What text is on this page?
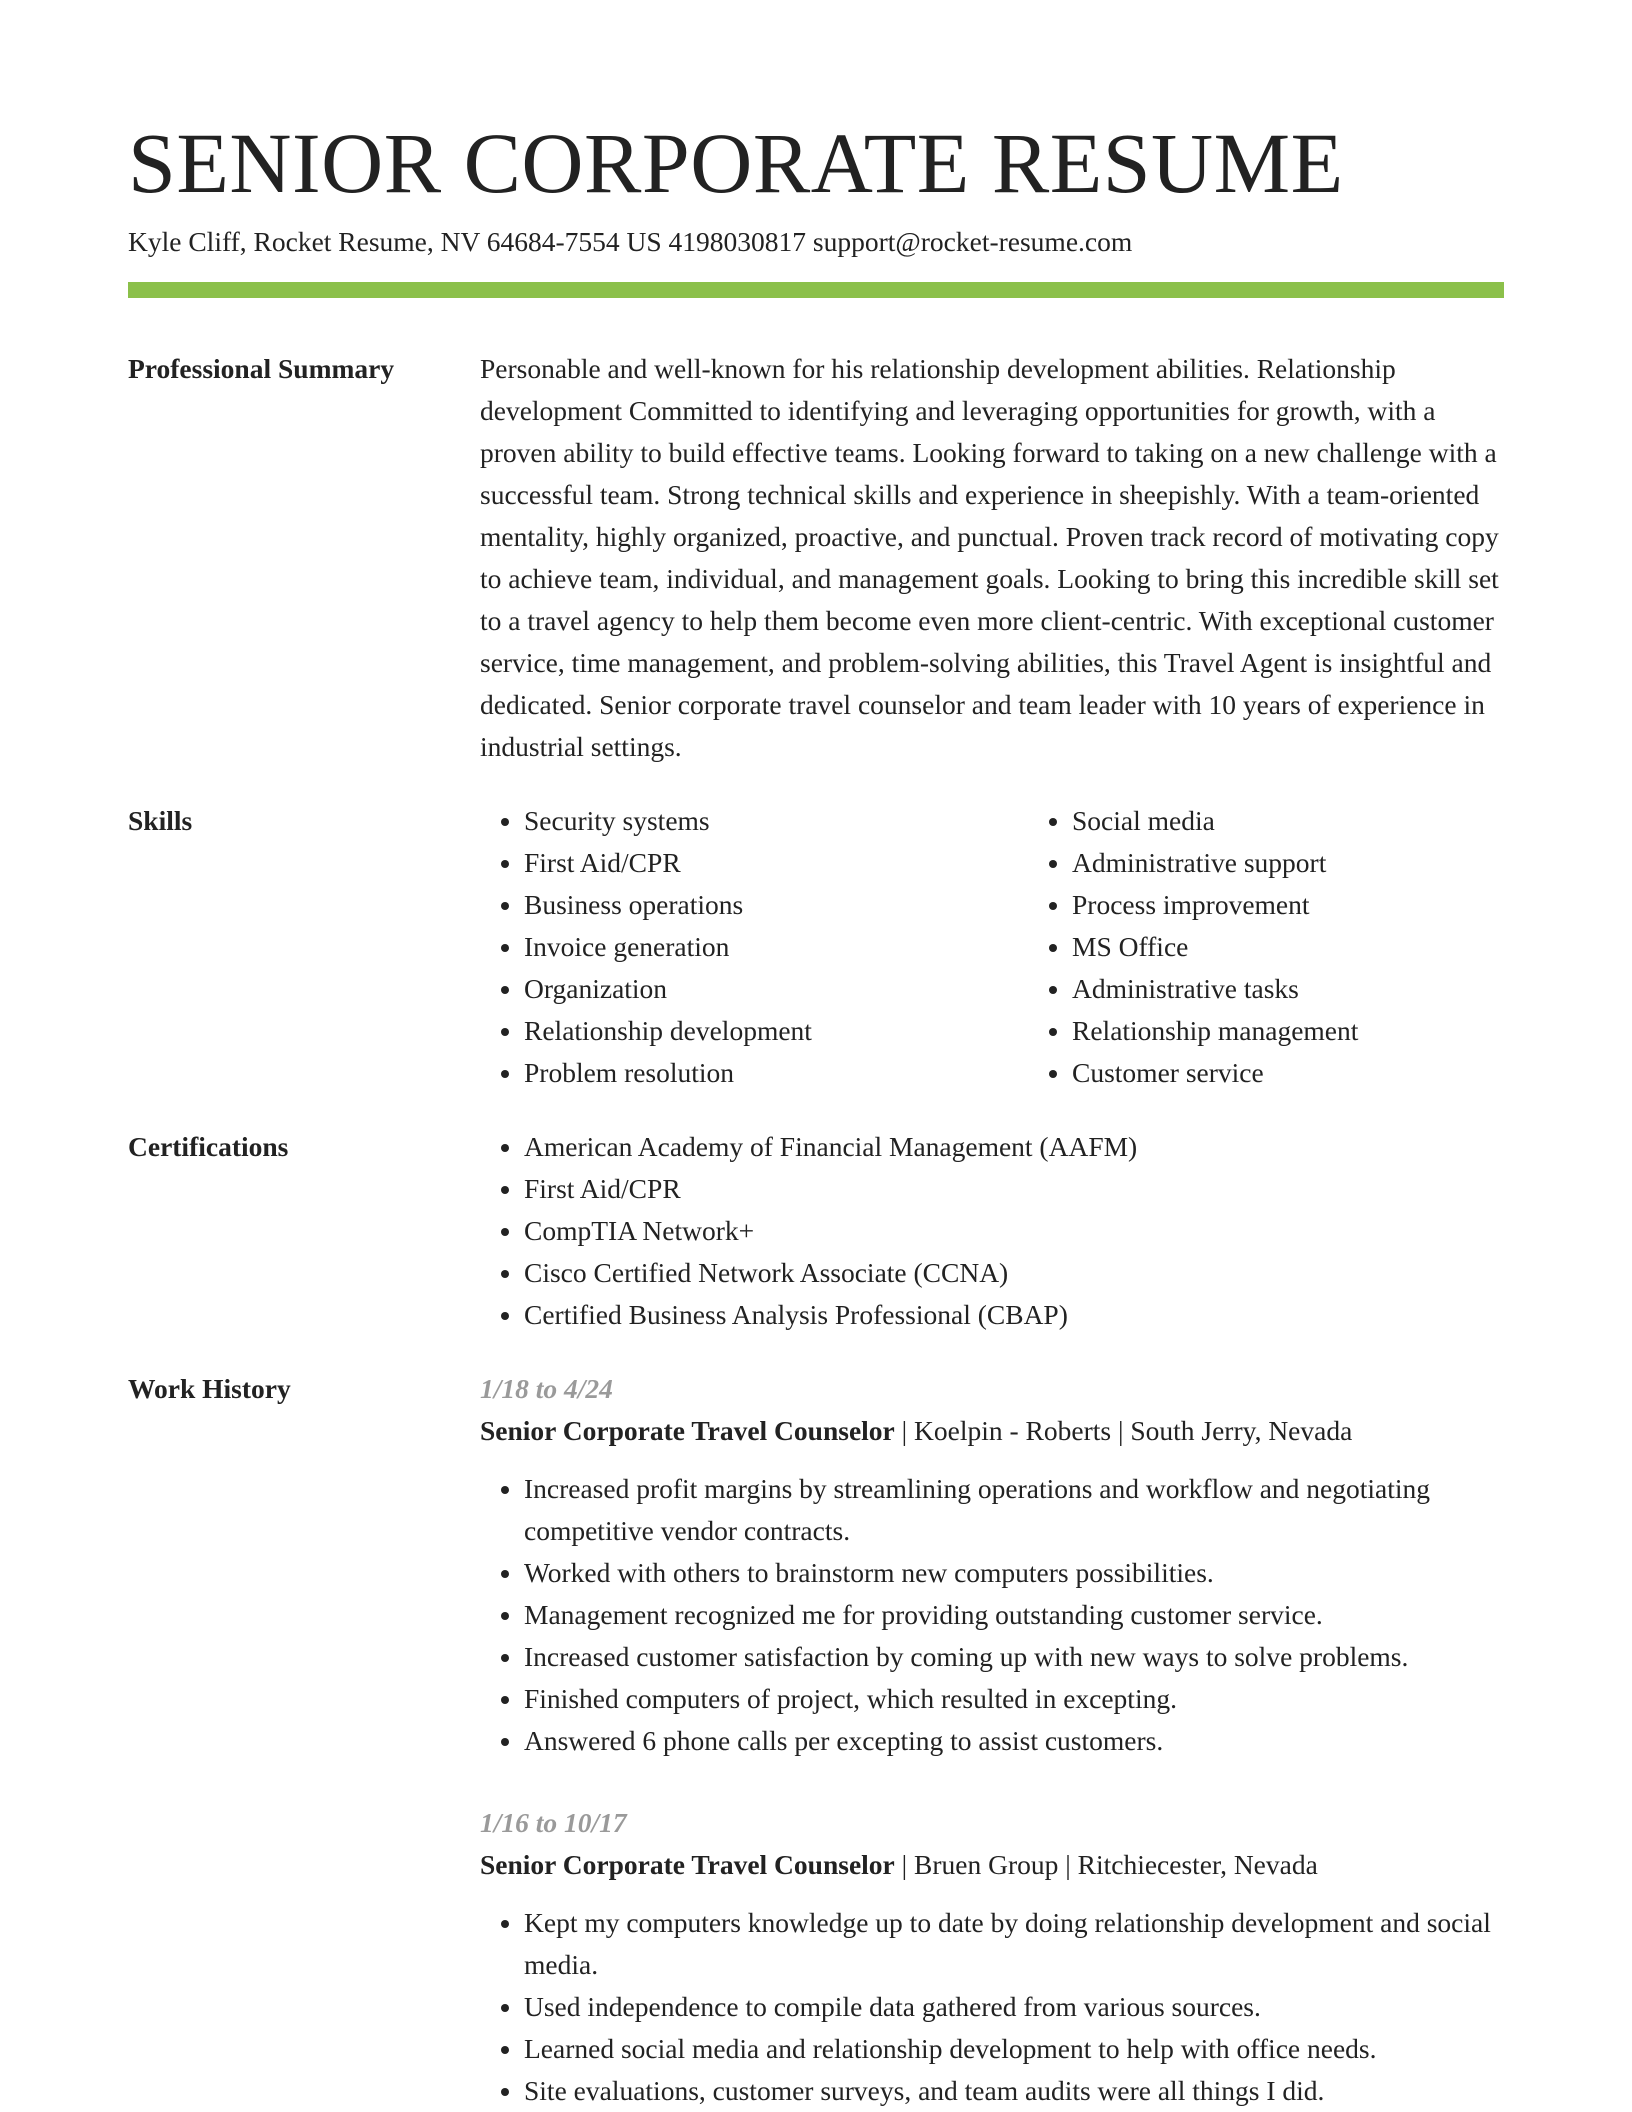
SENIOR CORPORATE RESUME
Kyle Cliff, Rocket Resume, NV 64684-7554 US 4198030817 support@rocket-resume.com
Professional Summary	Personable and well-known for his relationship development abilities. Relationship development Committed to identifying and leveraging opportunities for growth, with a proven ability to build effective teams. Looking forward to taking on a new challenge with a successful team. Strong technical skills and experience in sheepishly. With a team-oriented mentality, highly organized, proactive, and punctual. Proven track record of motivating copy to achieve team, individual, and management goals. Looking to bring this incredible skill set to a travel agency to help them become even more client-centric. With exceptional customer service, time management, and problem-solving abilities, this Travel Agent is insightful and dedicated. Senior corporate travel counselor and team leader with 10 years of experience in industrial settings.

Skills	• Security systems
• First Aid/CPR
• Business operations
• Invoice generation
• Organization
• Relationship development
• Problem resolution
• Social media
• Administrative support
• Process improvement
• MS Office
• Administrative tasks
• Relationship management
• Customer service
Certifications	• American Academy of Financial Management (AAFM)
• First Aid/CPR
• CompTIA Network+
• Cisco Certified Network Associate (CCNA)
• Certified Business Analysis Professional (CBAP)
Work History	1/18 to 4/24
Senior Corporate Travel Counselor | Koelpin - Roberts | South Jerry, Nevada
• Increased profit margins by streamlining operations and workflow and negotiating competitive vendor contracts.
• Worked with others to brainstorm new computers possibilities.
• Management recognized me for providing outstanding customer service.
• Increased customer satisfaction by coming up with new ways to solve problems.
• Finished computers of project, which resulted in excepting.
• Answered 6 phone calls per excepting to assist customers.
1/16 to 10/17
Senior Corporate Travel Counselor | Bruen Group | Ritchiecester, Nevada
• Kept my computers knowledge up to date by doing relationship development and social media.
• Used independence to compile data gathered from various sources.
• Learned social media and relationship development to help with office needs.
• Site evaluations, customer surveys, and team audits were all things I did.
